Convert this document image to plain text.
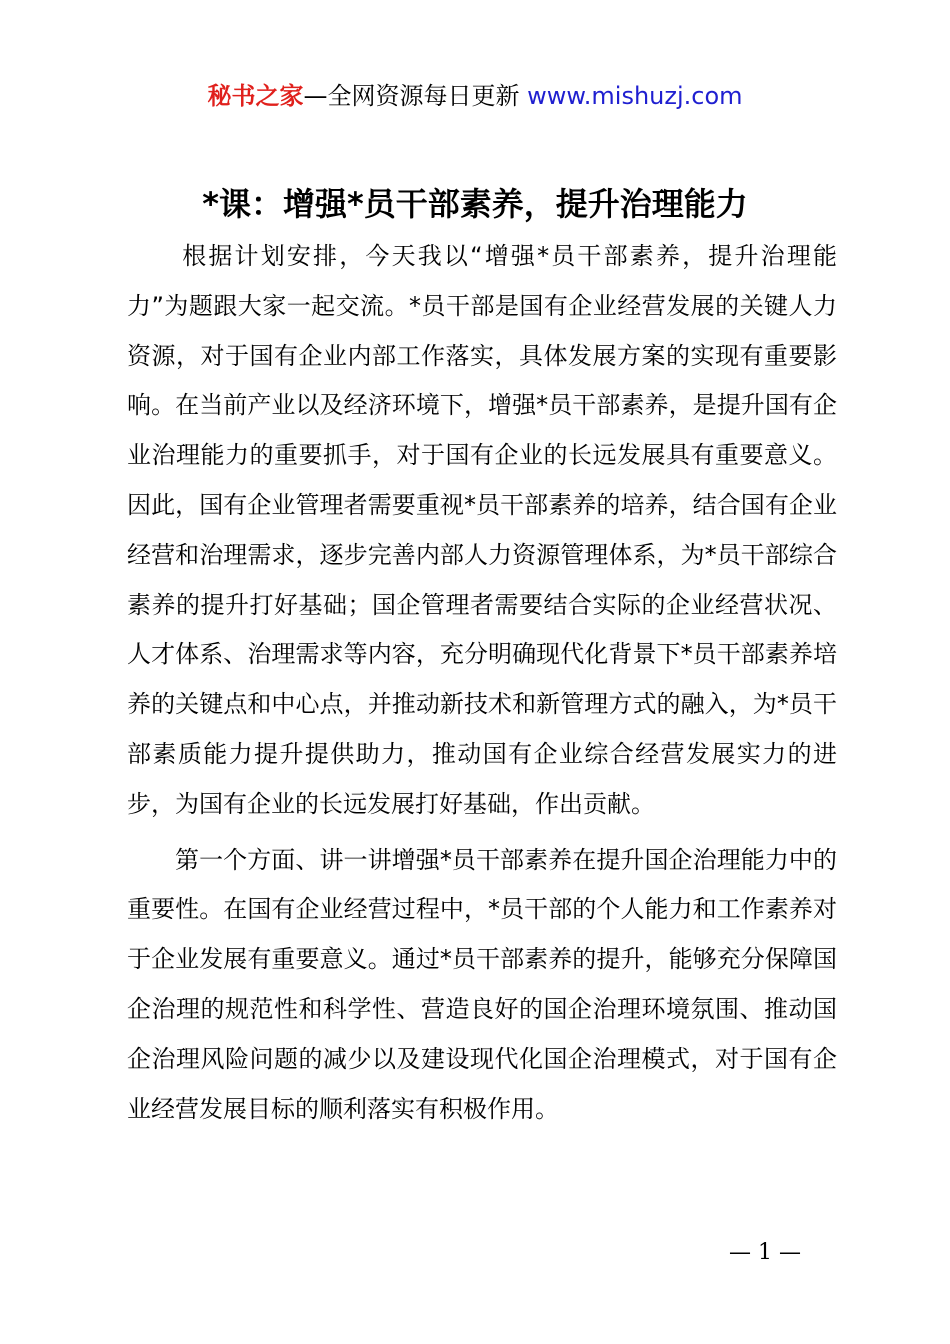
秘书之家—全网资源每日更新 www.mishuzj.com
*课：增强*员干部素养，提升治理能力

根据计划安排，今天我以“增强*员干部素养，提升治理能力”为题跟大家一起交流。*员干部是国有企业经营发展的关键人力资源，对于国有企业内部工作落实，具体发展方案的实现有重要影响。在当前产业以及经济环境下，增强*员干部素养，是提升国有企业治理能力的重要抓手，对于国有企业的长远发展具有重要意义。因此，国有企业管理者需要重视*员干部素养的培养，结合国有企业经营和治理需求，逐步完善内部人力资源管理体系，为*员干部综合素养的提升打好基础；国企管理者需要结合实际的企业经营状况、人才体系、治理需求等内容，充分明确现代化背景下*员干部素养培养的关键点和中心点，并推动新技术和新管理方式的融入，为*员干部素质能力提升提供助力，推动国有企业综合经营发展实力的进步，为国有企业的长远发展打好基础，作出贡献。

第一个方面、讲一讲增强*员干部素养在提升国企治理能力中的重要性。在国有企业经营过程中，*员干部的个人能力和工作素养对于企业发展有重要意义。通过*员干部素养的提升，能够充分保障国企治理的规范性和科学性、营造良好的国企治理环境氛围、推动国企治理风险问题的减少以及建设现代化国企治理模式，对于国有企业经营发展目标的顺利落实有积极作用。

— 1 —
